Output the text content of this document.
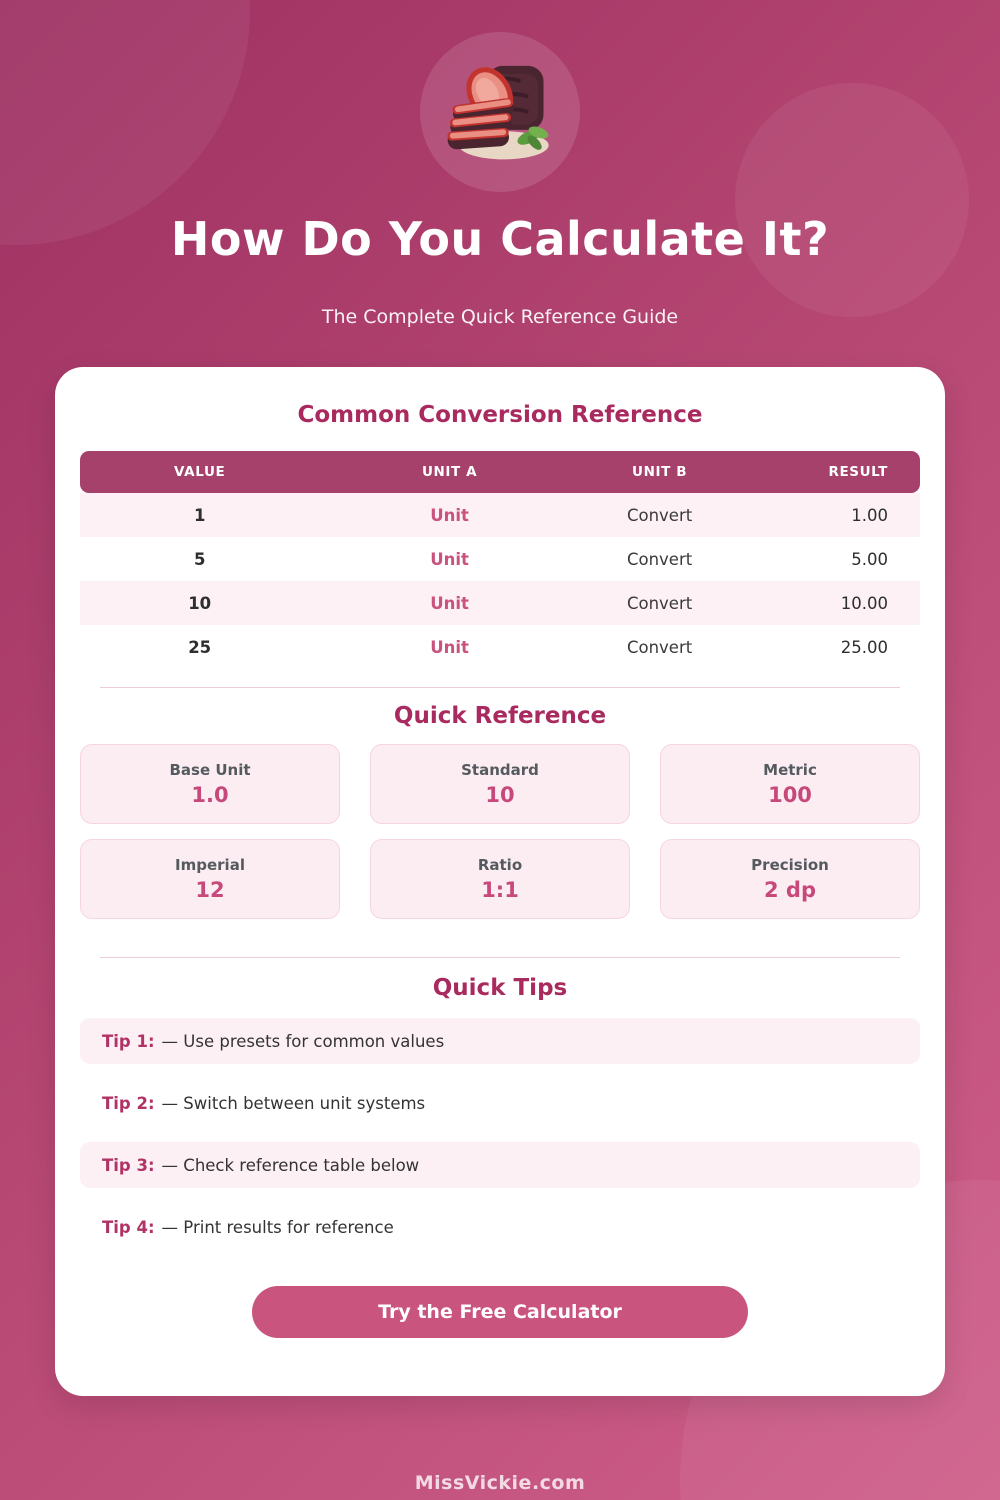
How Do You Calculate It?
The Complete Quick Reference Guide
Common Conversion Reference
VALUE	UNIT A	UNIT B	RESULT
1	Unit	Convert	1.00
5	Unit	Convert	5.00
10	Unit	Convert	10.00
25	Unit	Convert	25.00
Quick Reference
Base Unit
1.0
Standard
10
Metric
100
Imperial
12
Ratio
1:1
Precision
2 dp
Quick Tips
Tip 1: — Use presets for common values
Tip 2: — Switch between unit systems
Tip 3: — Check reference table below
Tip 4: — Print results for reference
Try the Free Calculator
MissVickie.com
